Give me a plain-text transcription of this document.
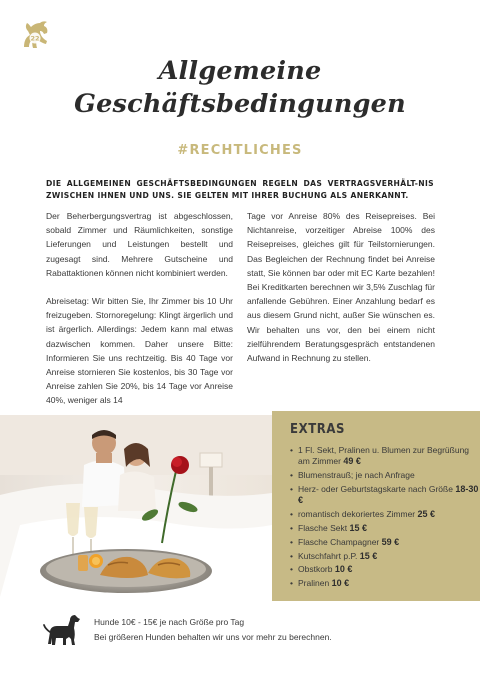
22
Allgemeine
Geschäftsbedingungen
#RECHTLICHES
DIE ALLGEMEINEN GESCHÄFTSBEDINGUNGEN REGELN DAS VERTRAGSVERHÄLT-NIS ZWISCHEN IHNEN UND UNS. SIE GELTEN MIT IHRER BUCHUNG ALS ANERKANNT.

Der Beherbergungsvertrag ist abgeschlossen, sobald Zimmer und Räumlichkeiten, sonstige Lieferungen und Leistungen bestellt und zugesagt sind. Mehrere Gutscheine und Rabattaktionen können nicht kombiniert werden.

Abreisetag: Wir bitten Sie, Ihr Zimmer bis 10 Uhr freizugeben. Stornoregelung: Klingt ärgerlich und ist ärgerlich. Allerdings: Jedem kann mal etwas dazwischen kommen. Daher unsere Bitte: Informieren Sie uns rechtzeitig. Bis 40 Tage vor Anreise stornieren Sie kostenlos, bis 30 Tage vor Anreise zahlen Sie 20%, bis 14 Tage vor Anreise 40%, weniger als 14

Tage vor Anreise 80% des Reisepreises. Bei Nichtanreise, vorzeitiger Abreise 100% des Reisepreises, gleiches gilt für Teilstornierungen. Das Begleichen der Rechnung findet bei Anreise statt, Sie können bar oder mit EC Karte bezahlen! Bei Kreditkarten berechnen wir 3,5% Zuschlag für anfallende Gebühren. Einer Anzahlung bedarf es aus diesem Grund nicht, außer Sie wünschen es. Wir behalten uns vor, den bei einem nicht zielführendem Beratungsgespräch entstandenen Aufwand in Rechnung zu stellen.

EXTRAS
• 1 Fl. Sekt, Pralinen u. Blumen zur Begrüßung am Zimmer 49 €
• Blumenstrauß; je nach Anfrage
• Herz- oder Geburtstagskarte nach Größe 18-30 €
• romantisch dekoriertes Zimmer 25 €
• Flasche Sekt 15 €
• Flasche Champagner 59 €
• Kutschfahrt p.P. 15 €
• Obstkorb 10 €
• Pralinen 10 €
Hunde 10€ - 15€ je nach Größe pro Tag
Bei größeren Hunden behalten wir uns vor mehr zu berechnen.
